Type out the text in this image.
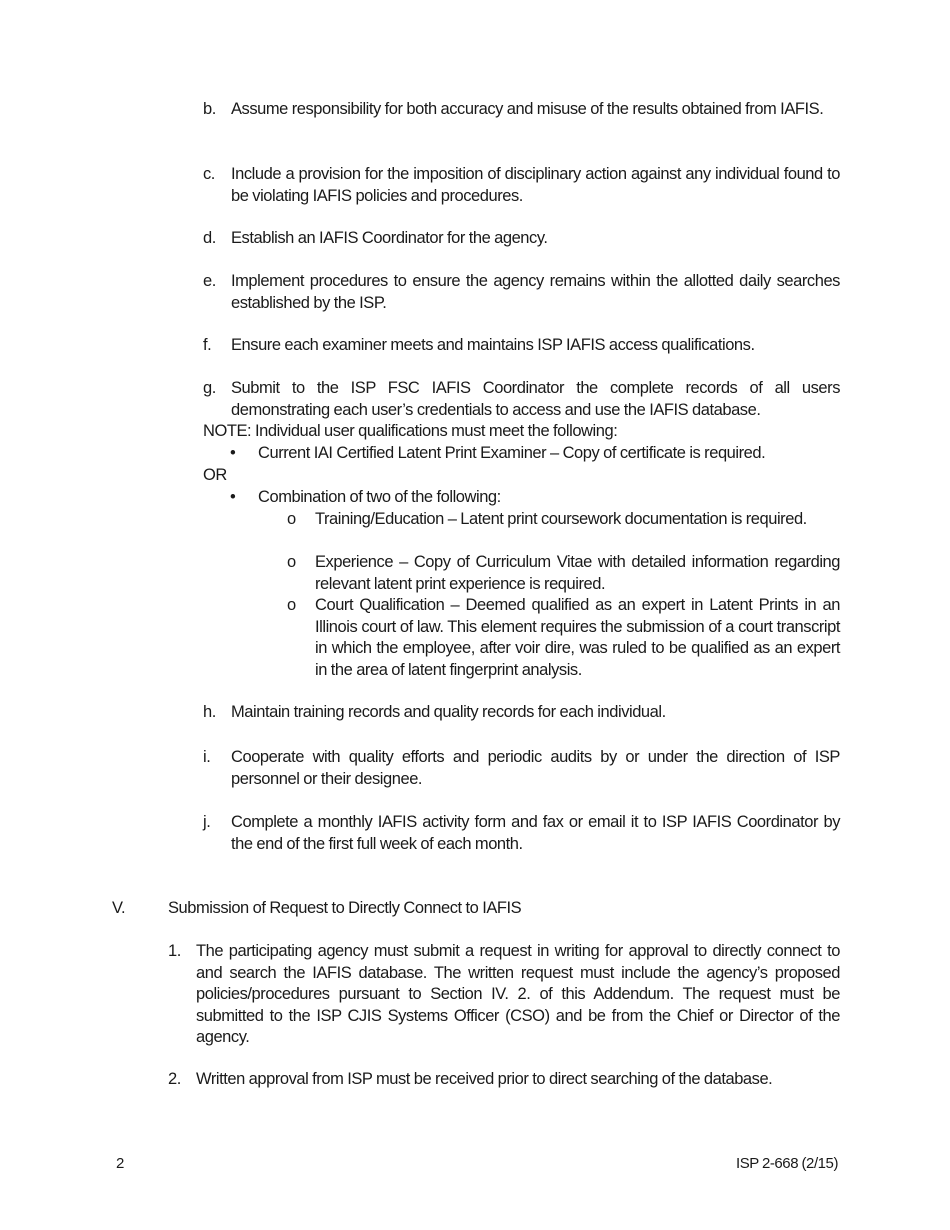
b. Assume responsibility for both accuracy and misuse of the results obtained from IAFIS.
c. Include a provision for the imposition of disciplinary action against any individual found to be violating IAFIS policies and procedures.
d. Establish an IAFIS Coordinator for the agency.
e. Implement procedures to ensure the agency remains within the allotted daily searches established by the ISP.
f. Ensure each examiner meets and maintains ISP IAFIS access qualifications.
g. Submit to the ISP FSC IAFIS Coordinator the complete records of all users demonstrating each user’s credentials to access and use the IAFIS database.
NOTE: Individual user qualifications must meet the following:
• Current IAI Certified Latent Print Examiner – Copy of certificate is required.
OR
• Combination of two of the following:
o Training/Education – Latent print coursework documentation is required.
o Experience – Copy of Curriculum Vitae with detailed information regarding relevant latent print experience is required.
o Court Qualification – Deemed qualified as an expert in Latent Prints in an Illinois court of law. This element requires the submission of a court transcript in which the employee, after voir dire, was ruled to be qualified as an expert in the area of latent fingerprint analysis.
h. Maintain training records and quality records for each individual.
i. Cooperate with quality efforts and periodic audits by or under the direction of ISP personnel or their designee.
j. Complete a monthly IAFIS activity form and fax or email it to ISP IAFIS Coordinator by the end of the first full week of each month.
V.	Submission of Request to Directly Connect to IAFIS
1. The participating agency must submit a request in writing for approval to directly connect to and search the IAFIS database. The written request must include the agency’s proposed policies/procedures pursuant to Section IV. 2. of this Addendum. The request must be submitted to the ISP CJIS Systems Officer (CSO) and be from the Chief or Director of the agency.
2. Written approval from ISP must be received prior to direct searching of the database.
2	ISP 2-668 (2/15)
